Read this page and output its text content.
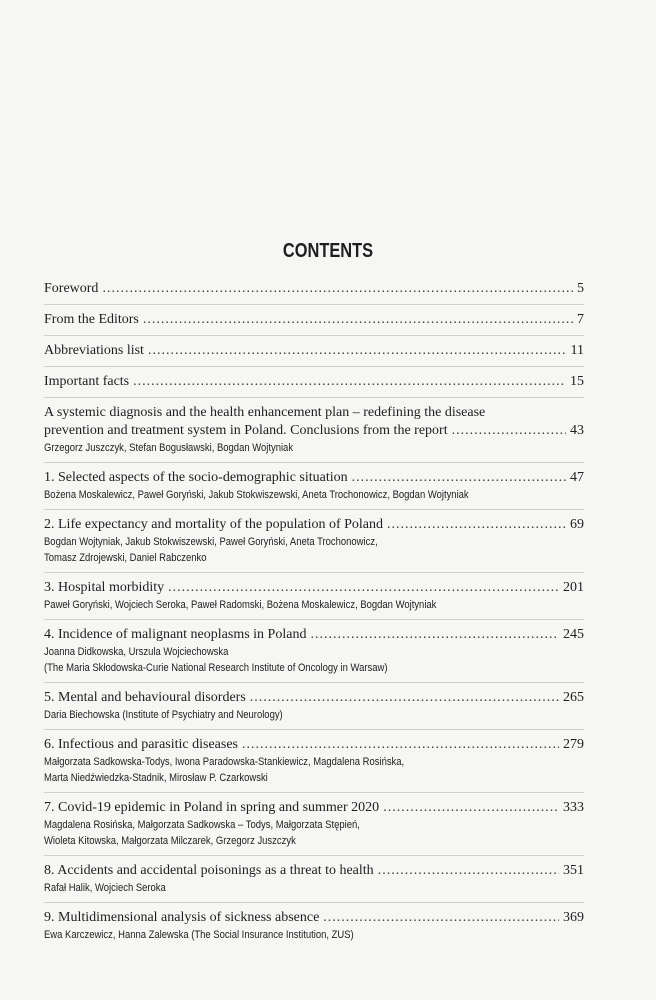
CONTENTS
Foreword .....	5
From the Editors .....	7
Abbreviations list .....	11
Important facts .....	15
A systemic diagnosis and the health enhancement plan – redefining the disease
prevention and treatment system in Poland. Conclusions from the report .....	43
Grzegorz Juszczyk, Stefan Bogusławski, Bogdan Wojtyniak
1. Selected aspects of the socio-demographic situation .....	47
Bożena Moskalewicz, Paweł Goryński, Jakub Stokwiszewski, Aneta Trochonowicz, Bogdan Wojtyniak
2. Life expectancy and mortality of the population of Poland .....	69
Bogdan Wojtyniak, Jakub Stokwiszewski, Paweł Goryński, Aneta Trochonowicz,
Tomasz Zdrojewski, Daniel Rabczenko
3. Hospital morbidity .....	201
Paweł Goryński, Wojciech Seroka, Paweł Radomski, Bożena Moskalewicz, Bogdan Wojtyniak
4. Incidence of malignant neoplasms in Poland .....	245
Joanna Didkowska, Urszula Wojciechowska
(The Maria Skłodowska-Curie National Research Institute of Oncology in Warsaw)
5. Mental and behavioural disorders .....	265
Daria Biechowska (Institute of Psychiatry and Neurology)
6. Infectious and parasitic diseases .....	279
Małgorzata Sadkowska-Todys, Iwona Paradowska-Stankiewicz, Magdalena Rosińska,
Marta Niedźwiedzka-Stadnik, Mirosław P. Czarkowski
7. Covid-19 epidemic in Poland in spring and summer 2020 .....	333
Magdalena Rosińska, Małgorzata Sadkowska – Todys, Małgorzata Stępień,
Wioleta Kitowska, Małgorzata Milczarek, Grzegorz Juszczyk
8. Accidents and accidental poisonings as a threat to health .....	351
Rafał Halik, Wojciech Seroka
9. Multidimensional analysis of sickness absence .....	369
Ewa Karczewicz, Hanna Zalewska (The Social Insurance Institution, ZUS)
